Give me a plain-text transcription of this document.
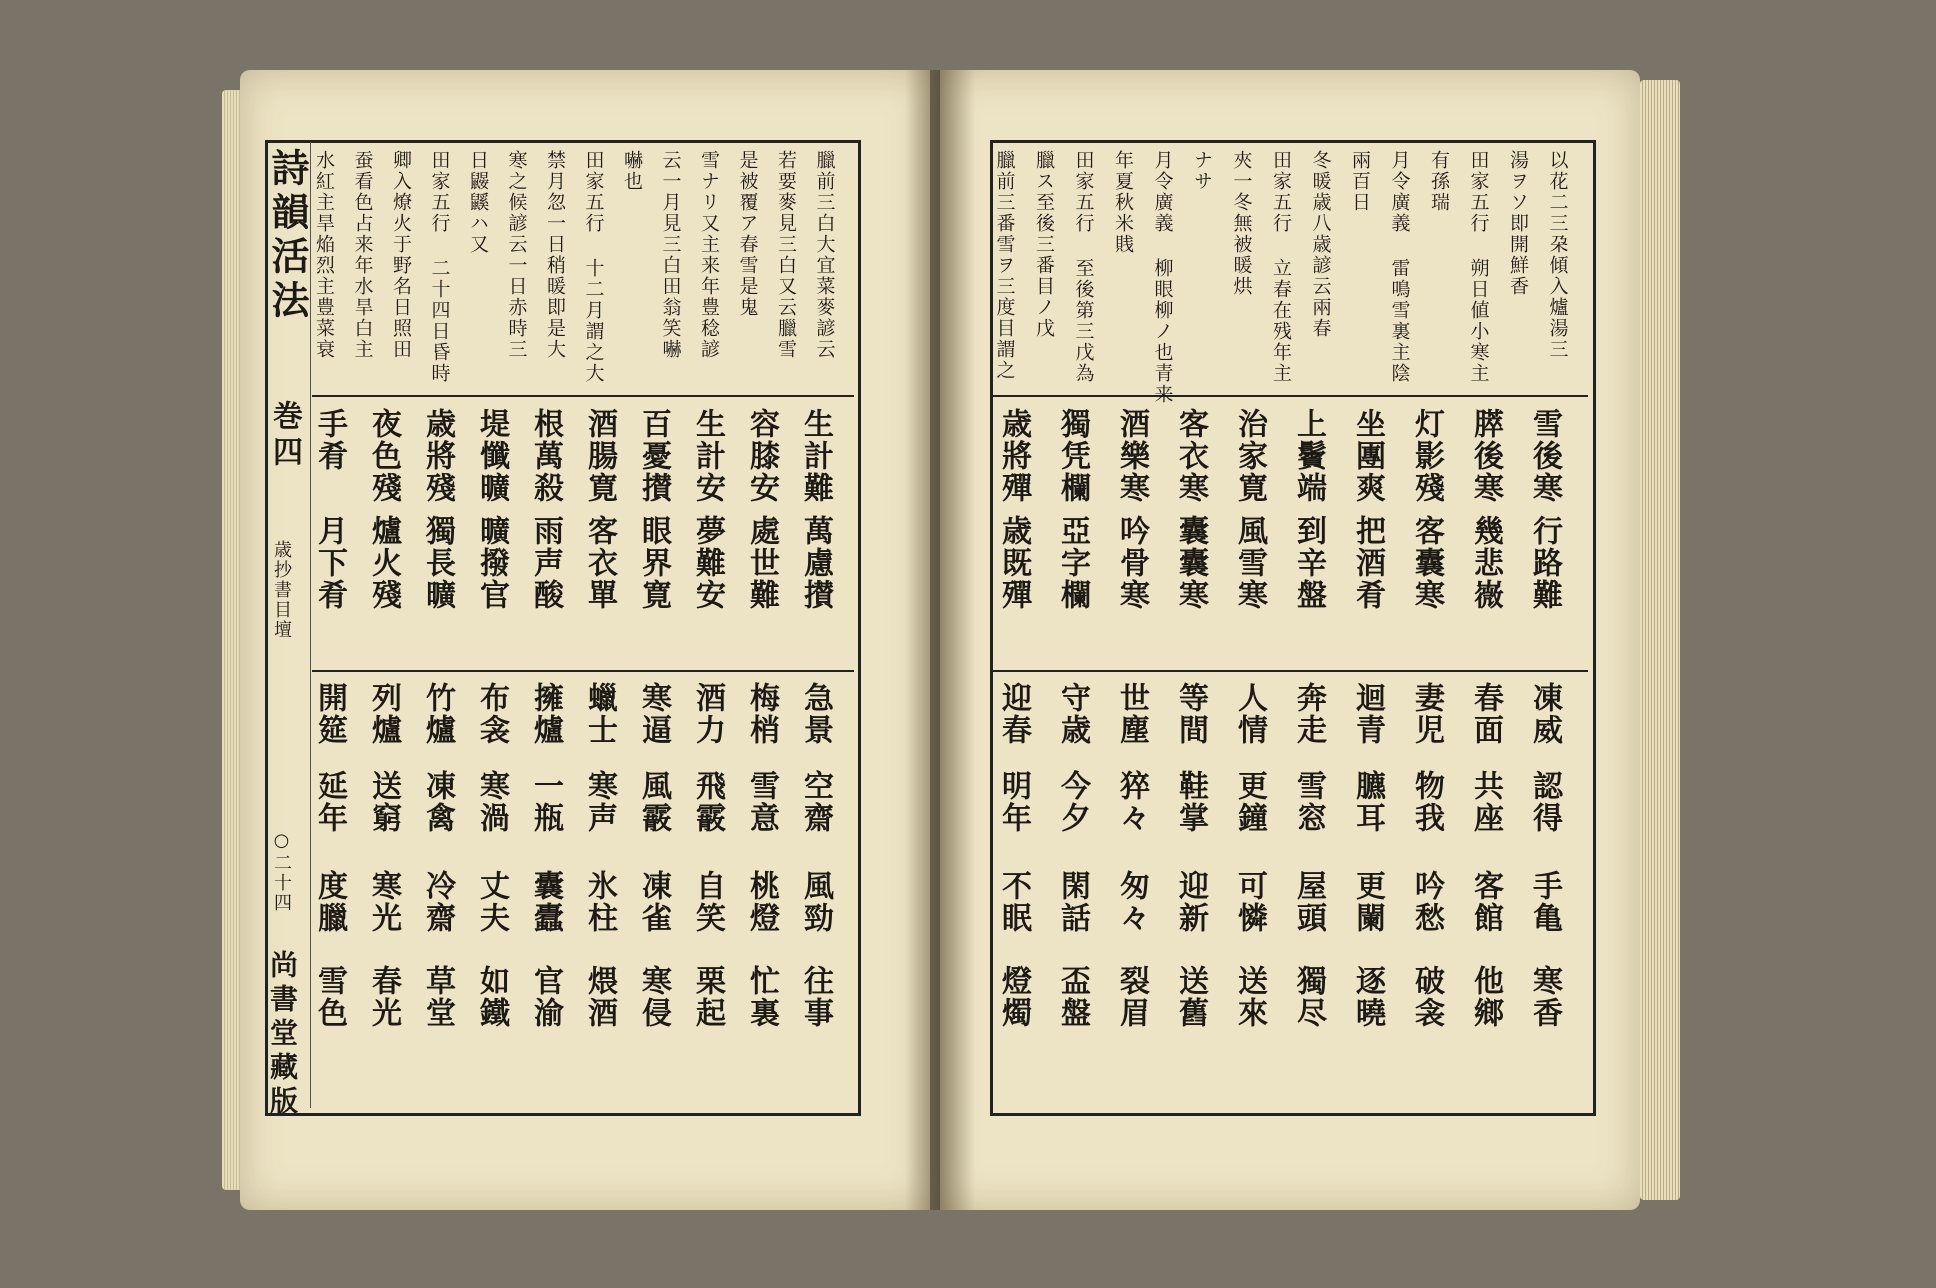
詩韻活法
巻四
歳抄書目壇
○二十四
尚書堂藏版
臘前三白大宜菜麥諺云
若要麥見三白又云臘雪
是被覆ア春雪是鬼
雪ナリ又主来年豊稔諺
云一月見三白田翁笑嚇
嚇也
田家五行 十二月謂之大
禁月忽一日稍暖即是大
寒之候諺云一日赤時三
日鼹鼷ハ又
田家五行 二十四日昏時
卿入燎火于野名日照田
蚕看色占来年水旱白主
水紅主旱焔烈主豊菜衰
生計難
容膝安
生計安
百憂攅
酒腸寛
根萬殺
堤懺曠
歳將殘
夜色殘
手肴
萬慮攅
處世難
夢難安
眼界寛
客衣單
雨声酸
曠撥官
獨長曠
爐火殘
月下肴
急景
梅梢
酒力
寒逼
蠟士
擁爐
布衾
竹爐
列爐
開筵
空齋
雪意
飛霰
風霰
寒声
一瓶
寒渦
凍禽
送窮
延年
風勁
桃燈
自笑
凍雀
氷柱
囊蠹
丈夫
冷齋
寒光
度臘
往事
忙裏
栗起
寒侵
煨酒
官渝
如鐵
草堂
春光
雪色
以花二三朶傾入爐湯三
湯ヲソ即開鮮香
田家五行 朔日値小寒主
有孫瑞
月令廣義 雷鳴雪裏主陰
兩百日
冬暖歳八歳諺云兩春
田家五行 立春在残年主
夾一冬無被暖烘
ナサ
月令廣義 柳眼柳ノ也青来
年夏秋米賎
田家五行 至後第三戊為
臘ス至後三番目ノ戊
臘前三番雪ヲ三度目謂之
雪後寒
膵後寒
灯影殘
坐團爽
上鬢端
治家寛
客衣寒
酒樂寒
獨凭欄
歳將殫
行路難
幾悲嶶
客囊寒
把酒肴
到辛盤
風雪寒
囊囊寒
吟骨寒
亞字欄
歳既殫
凍威
春面
妻児
迴青
奔走
人情
等間
世塵
守歳
迎春
認得
共座
物我
臕耳
雪窓
更鐘
鞋掌
猝々
今夕
明年
手亀
客館
吟愁
更闌
屋頭
可憐
迎新
匆々
閑話
不眠
寒香
他鄉
破衾
逐曉
獨尽
送來
送舊
裂眉
盃盤
燈燭
